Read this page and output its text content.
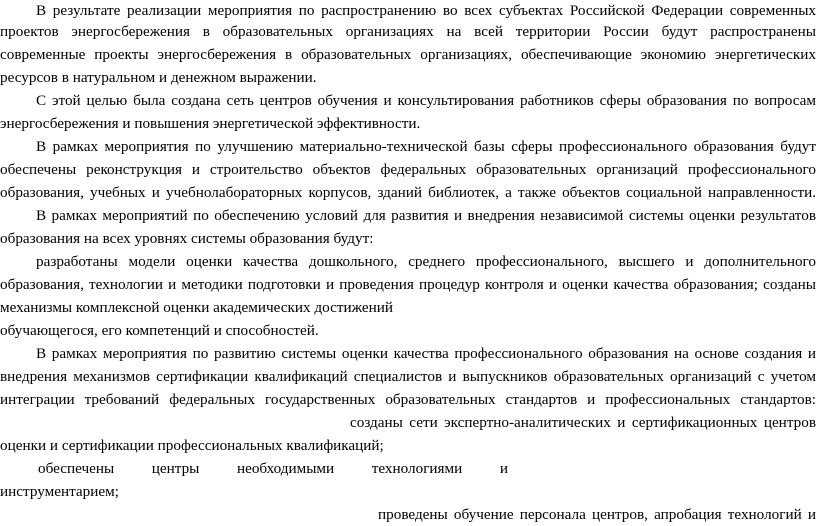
В результате реализации мероприятия по распространению во всех субъектах Российской Федерации современных
проектов энергосбережения в образовательных организациях на всей территории России будут распространены
современные проекты энергосбережения в образовательных организациях, обеспечивающие экономию энергетических
ресурсов в натуральном и денежном выражении.
С этой целью была создана сеть центров обучения и консультирования работников сферы образования по вопросам
энергосбережения и повышения энергетической эффективности.
В рамках мероприятия по улучшению материально-технической базы сферы профессионального образования будут
обеспечены реконструкция и строительство объектов федеральных образовательных организаций профессионального
образования, учебных и учебнолабораторных корпусов, зданий библиотек, а также объектов социальной направленности.
В рамках мероприятий по обеспечению условий для развития и внедрения независимой системы оценки результатов
образования на всех уровнях системы образования будут:
разработаны модели оценки качества дошкольного, среднего профессионального, высшего и дополнительного
образования, технологии и методики подготовки и проведения процедур контроля и оценки качества образования; созданы
механизмы комплексной оценки академических достижений
обучающегося, его компетенций и способностей.
В рамках мероприятия по развитию системы оценки качества профессионального образования на основе создания и
внедрения механизмов сертификации квалификаций специалистов и выпускников образовательных организаций с учетом
интеграции требований федеральных государственных образовательных стандартов и профессиональных стандартов:
созданы сети экспертно-аналитических и сертификационных центров
оценки и сертификации профессиональных квалификаций;
обеспечены центры необходимыми технологиями и
инструментарием;
проведены обучение персонала центров, апробация технологий и
